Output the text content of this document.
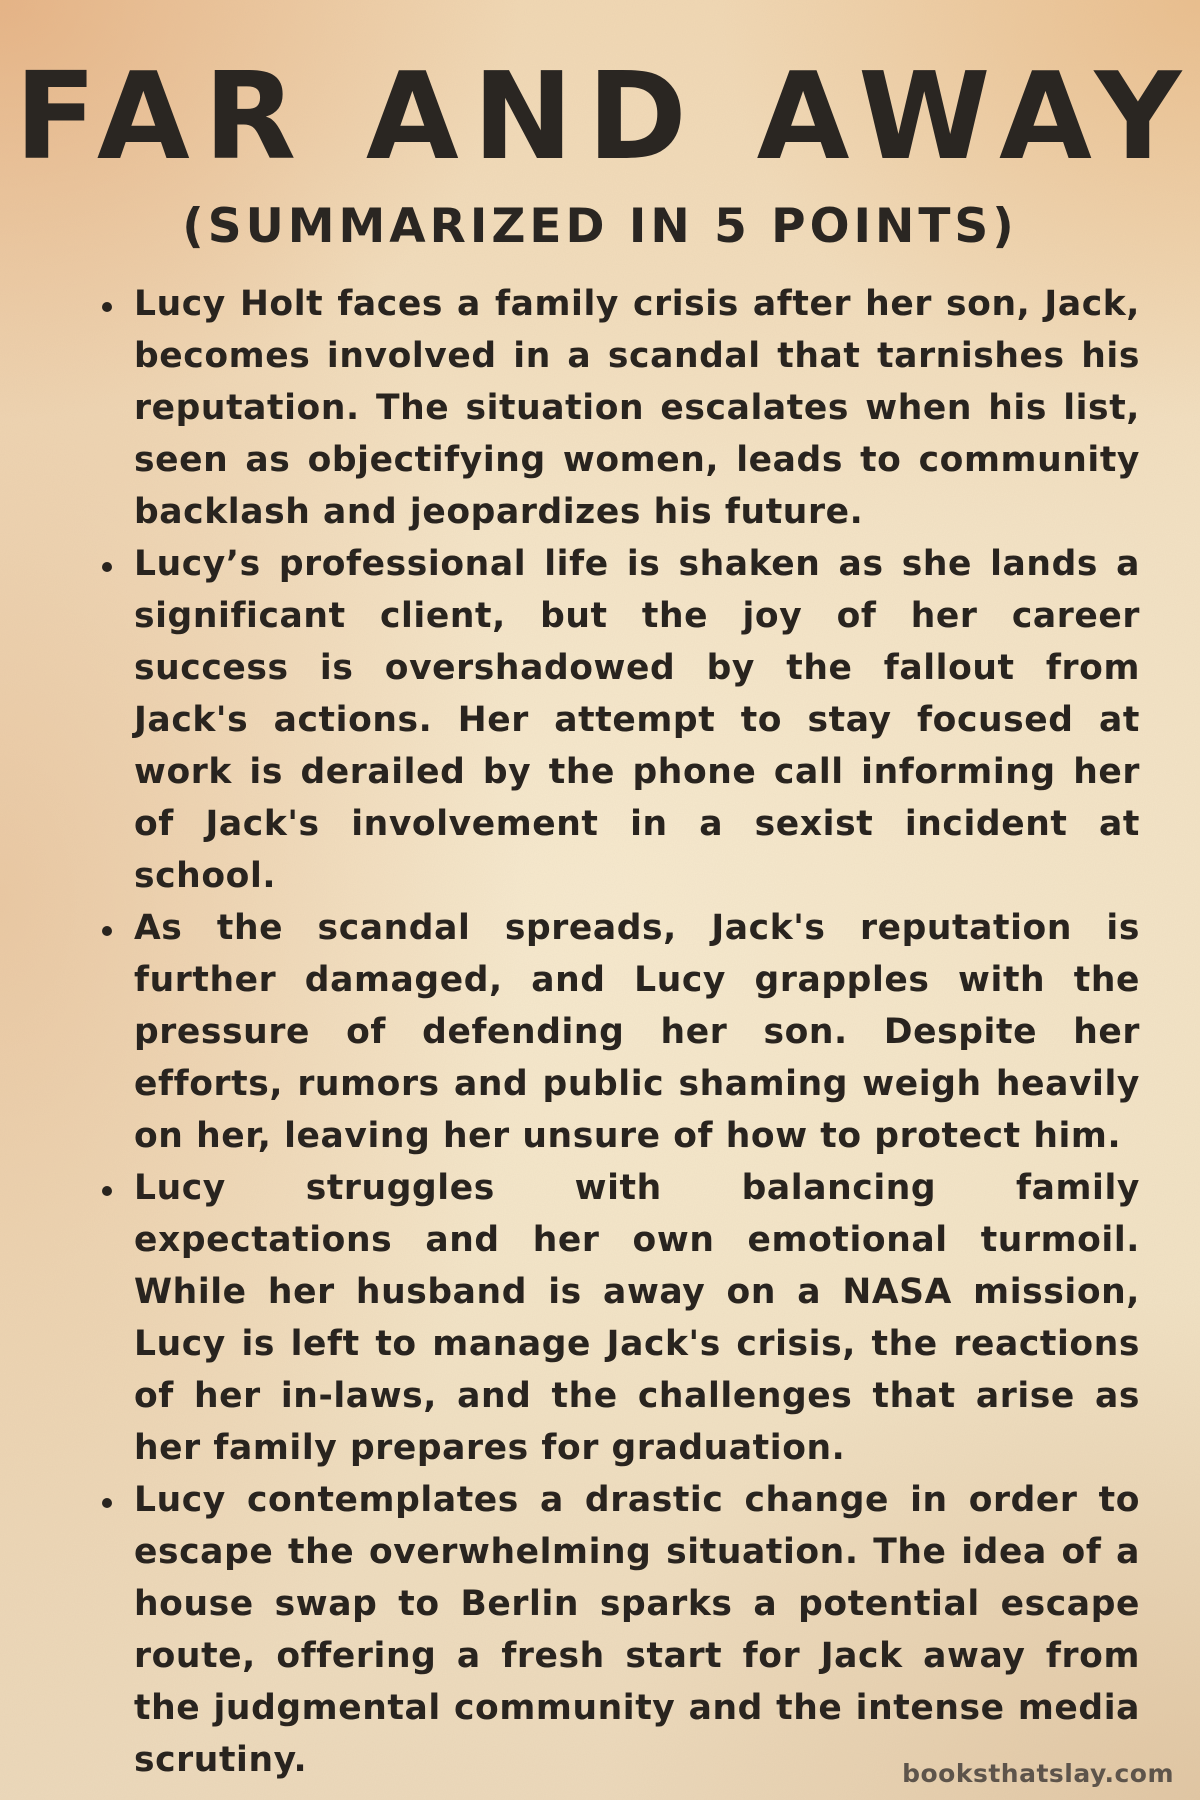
FAR AND AWAY
(SUMMARIZED IN 5 POINTS)
Lucy Holt faces a family crisis after her son, Jack, becomes involved in a scandal that tarnishes his reputation. The situation escalates when his list, seen as objectifying women, leads to community backlash and jeopardizes his future.
Lucy’s professional life is shaken as she lands a significant client, but the joy of her career success is overshadowed by the fallout from Jack's actions. Her attempt to stay focused at work is derailed by the phone call informing her of Jack's involvement in a sexist incident at school.
As the scandal spreads, Jack's reputation is further damaged, and Lucy grapples with the pressure of defending her son. Despite her efforts, rumors and public shaming weigh heavily on her, leaving her unsure of how to protect him.
Lucy struggles with balancing family expectations and her own emotional turmoil. While her husband is away on a NASA mission, Lucy is left to manage Jack's crisis, the reactions of her in-laws, and the challenges that arise as her family prepares for graduation.
Lucy contemplates a drastic change in order to escape the overwhelming situation. The idea of a house swap to Berlin sparks a potential escape route, offering a fresh start for Jack away from the judgmental community and the intense media scrutiny.	booksthatslay.com
